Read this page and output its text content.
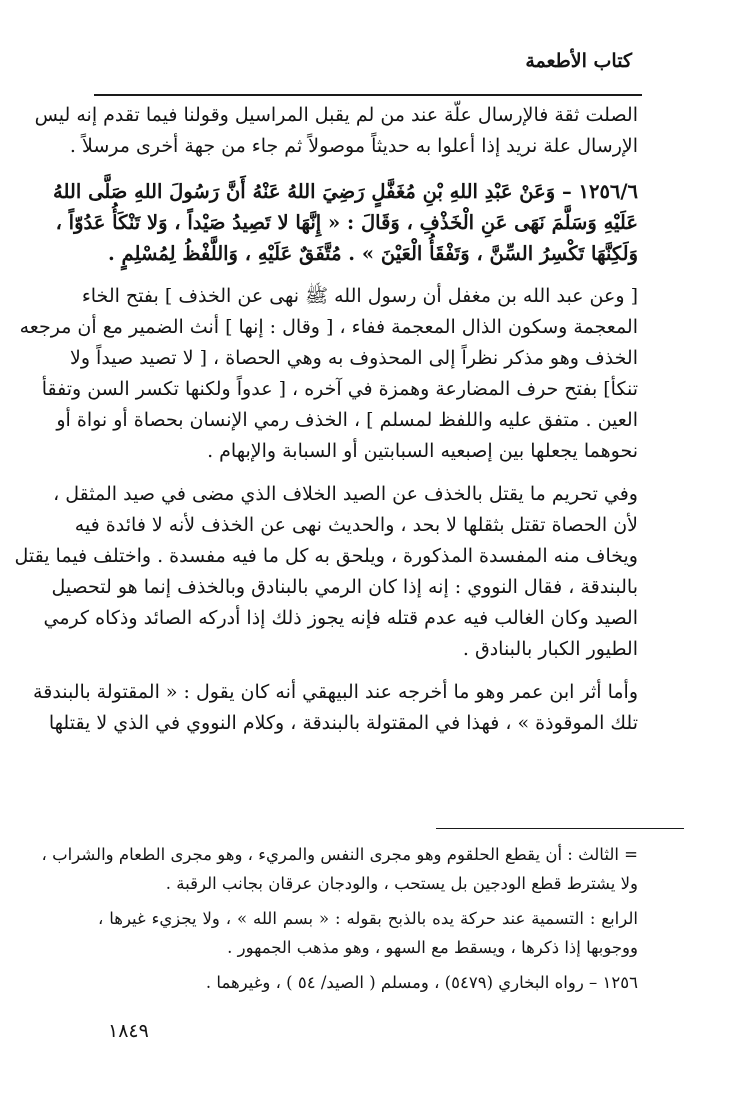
كتاب الأطعمة
الصلت ثقة فالإرسال علّة عند من لم يقبل المراسيل وقولنا فيما تقدم إنه ليس
الإرسال علة نريد إذا أعلوا به حديثاً موصولاً ثم جاء من جهة أخرى مرسلاً .
١٢٥٦/٦ – وَعَنْ عَبْدِ اللهِ بْنِ مُغَفَّلٍ رَضِيَ اللهُ عَنْهُ أَنَّ رَسُولَ اللهِ صَلَّى اللهُ
عَلَيْهِ وَسَلَّمَ نَهَى عَنِ الْخَذْفِ ، وَقَالَ : « إِنَّهَا لا تَصِيدُ صَيْداً ، وَلا تَنْكَأُ عَدُوّاً ،
وَلَكِنَّهَا تَكْسِرُ السِّنَّ ، وَتَفْقَأُ الْعَيْنَ » . مُتَّفَقٌ عَلَيْهِ ، وَاللَّفْظُ لِمُسْلِمٍ .
[ وعن عبد الله بن مغفل أن رسول الله ﷺ نهى عن الخذف ] بفتح الخاء
المعجمة وسكون الذال المعجمة ففاء ، [ وقال : إنها ] أنث الضمير مع أن مرجعه
الخذف وهو مذكر نظراً إلى المحذوف به وهي الحصاة ، [ لا تصيد صيداً ولا
تنكأ] بفتح حرف المضارعة وهمزة في آخره ، [ عدواً ولكنها تكسر السن وتفقأ
العين . متفق عليه واللفظ لمسلم ] ، الخذف رمي الإنسان بحصاة أو نواة أو
نحوهما يجعلها بين إصبعيه السبابتين أو السبابة والإبهام .
وفي تحريم ما يقتل بالخذف عن الصيد الخلاف الذي مضى في صيد المثقل ،
لأن الحصاة تقتل بثقلها لا بحد ، والحديث نهى عن الخذف لأنه لا فائدة فيه
ويخاف منه المفسدة المذكورة ، ويلحق به كل ما فيه مفسدة . واختلف فيما يقتل
بالبندقة ، فقال النووي : إنه إذا كان الرمي بالبنادق وبالخذف إنما هو لتحصيل
الصيد وكان الغالب فيه عدم قتله فإنه يجوز ذلك إذا أدركه الصائد وذكاه كرمي
الطيور الكبار بالبنادق .
وأما أثر ابن عمر وهو ما أخرجه عند البيهقي أنه كان يقول : « المقتولة بالبندقة
تلك الموقوذة » ، فهذا في المقتولة بالبندقة ، وكلام النووي في الذي لا يقتلها
= الثالث : أن يقطع الحلقوم وهو مجرى النفس والمريء ، وهو مجرى الطعام والشراب ،
ولا يشترط قطع الودجين بل يستحب ، والودجان عرقان بجانب الرقبة .
الرابع : التسمية عند حركة يده بالذبح بقوله : « بسم الله » ، ولا يجزيء غيرها ،
ووجوبها إذا ذكرها ، ويسقط مع السهو ، وهو مذهب الجمهور .
١٢٥٦ – رواه البخاري (٥٤٧٩) ، ومسلم ( الصيد/ ٥٤ ) ، وغيرهما .
١٨٤٩
